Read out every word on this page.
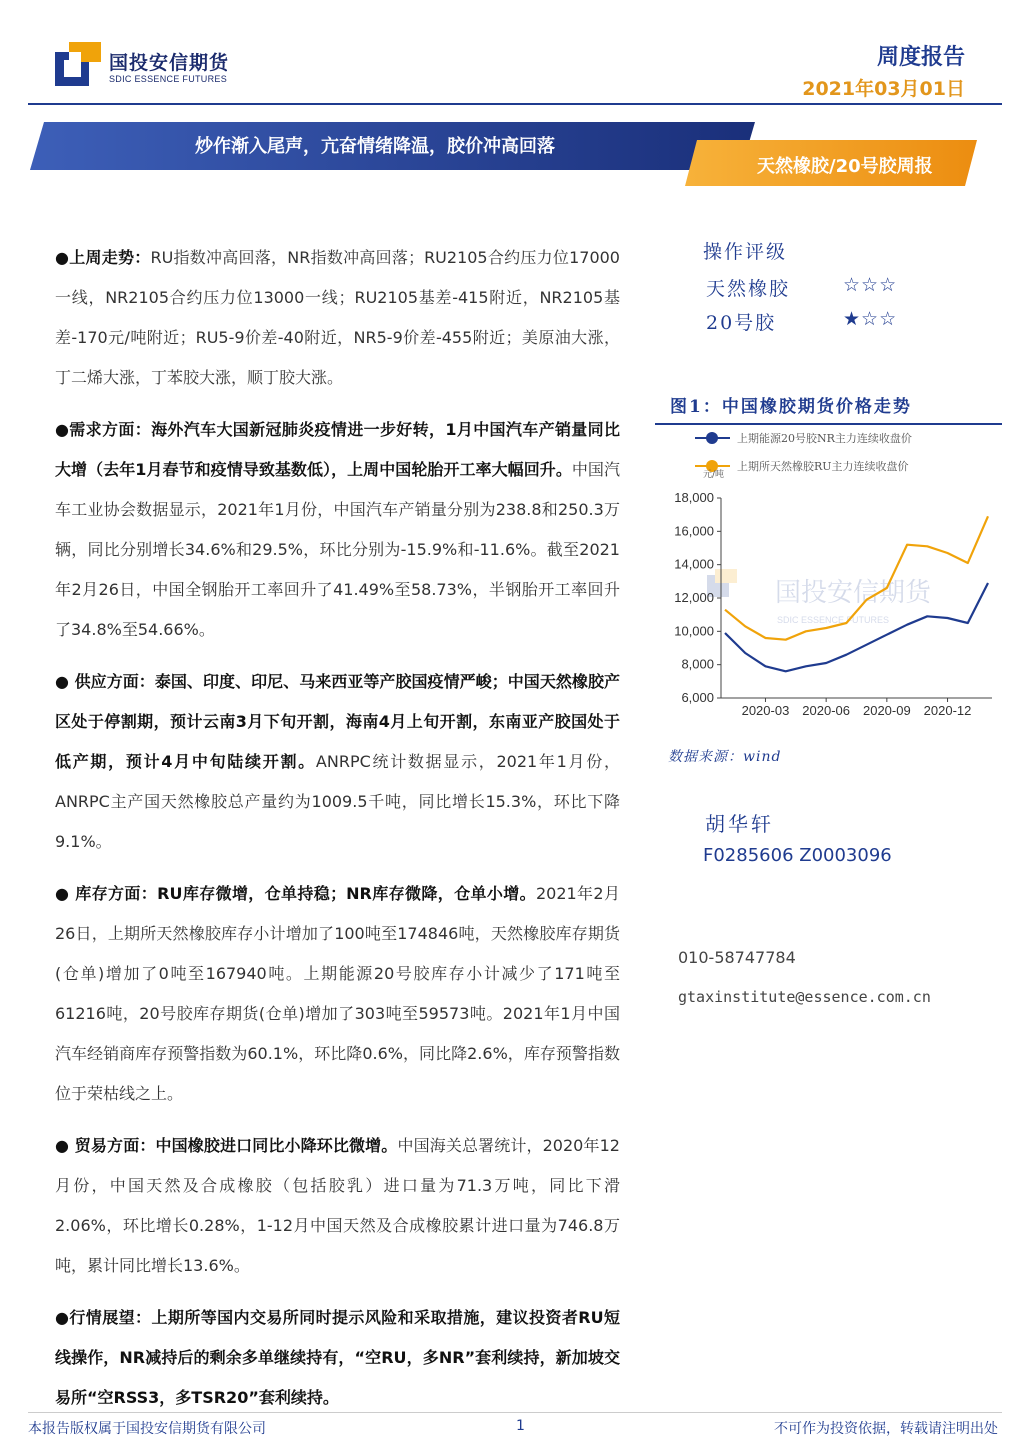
国投安信期货
SDIC ESSENCE FUTURES
周度报告
2021年03月01日
炒作渐入尾声，亢奋情绪降温，胶价冲高回落
天然橡胶/20号胶周报

●上周走势：RU指数冲高回落，NR指数冲高回落；RU2105合约压力位17000一线，NR2105合约压力位13000一线；RU2105基差-415附近，NR2105基差-170元/吨附近；RU5-9价差-40附近，NR5-9价差-455附近；美原油大涨，丁二烯大涨，丁苯胶大涨，顺丁胶大涨。

●需求方面：海外汽车大国新冠肺炎疫情进一步好转，1月中国汽车产销量同比大增（去年1月春节和疫情导致基数低），上周中国轮胎开工率大幅回升。中国汽车工业协会数据显示，2021年1月份，中国汽车产销量分别为238.8和250.3万辆，同比分别增长34.6%和29.5%，环比分别为-15.9%和-11.6%。截至2021年2月26日，中国全钢胎开工率回升了41.49%至58.73%，半钢胎开工率回升了34.8%至54.66%。

● 供应方面：泰国、印度、印尼、马来西亚等产胶国疫情严峻；中国天然橡胶产区处于停割期，预计云南3月下旬开割，海南4月上旬开割，东南亚产胶国处于低产期，预计4月中旬陆续开割。ANRPC统计数据显示，2021年1月份，ANRPC主产国天然橡胶总产量约为1009.5千吨，同比增长15.3%，环比下降9.1%。

● 库存方面：RU库存微增，仓单持稳；NR库存微降，仓单小增。2021年2月26日，上期所天然橡胶库存小计增加了100吨至174846吨，天然橡胶库存期货(仓单)增加了0吨至167940吨。上期能源20号胶库存小计减少了171吨至61216吨，20号胶库存期货(仓单)增加了303吨至59573吨。2021年1月中国汽车经销商库存预警指数为60.1%，环比降0.6%，同比降2.6%，库存预警指数位于荣枯线之上。

● 贸易方面：中国橡胶进口同比小降环比微增。中国海关总署统计，2020年12月份，中国天然及合成橡胶（包括胶乳）进口量为71.3万吨，同比下滑2.06%，环比增长0.28%，1-12月中国天然及合成橡胶累计进口量为746.8万吨，累计同比增长13.6%。

●行情展望：上期所等国内交易所同时提示风险和采取措施，建议投资者RU短线操作，NR减持后的剩余多单继续持有，“空RU，多NR”套利续持，新加坡交易所“空RSS3，多TSR20”套利续持。

操作评级
天然橡胶	☆☆☆
20号胶	★☆☆
图1：中国橡胶期货价格走势
国投安信期货
SDIC ESSENCE FUTURES
上期能源20号胶NR主力连续收盘价
上期所天然橡胶RU主力连续收盘价
元/吨
6,000
8,000
10,000
12,000
14,000
16,000
18,000
2020-03 2020-06 2020-09 2020-12
数据来源：wind
胡华轩
F0285606 Z0003096
010-58747784
gtaxinstitute@essence.com.cn
本报告版权属于国投安信期货有限公司	1	不可作为投资依据，转载请注明出处
